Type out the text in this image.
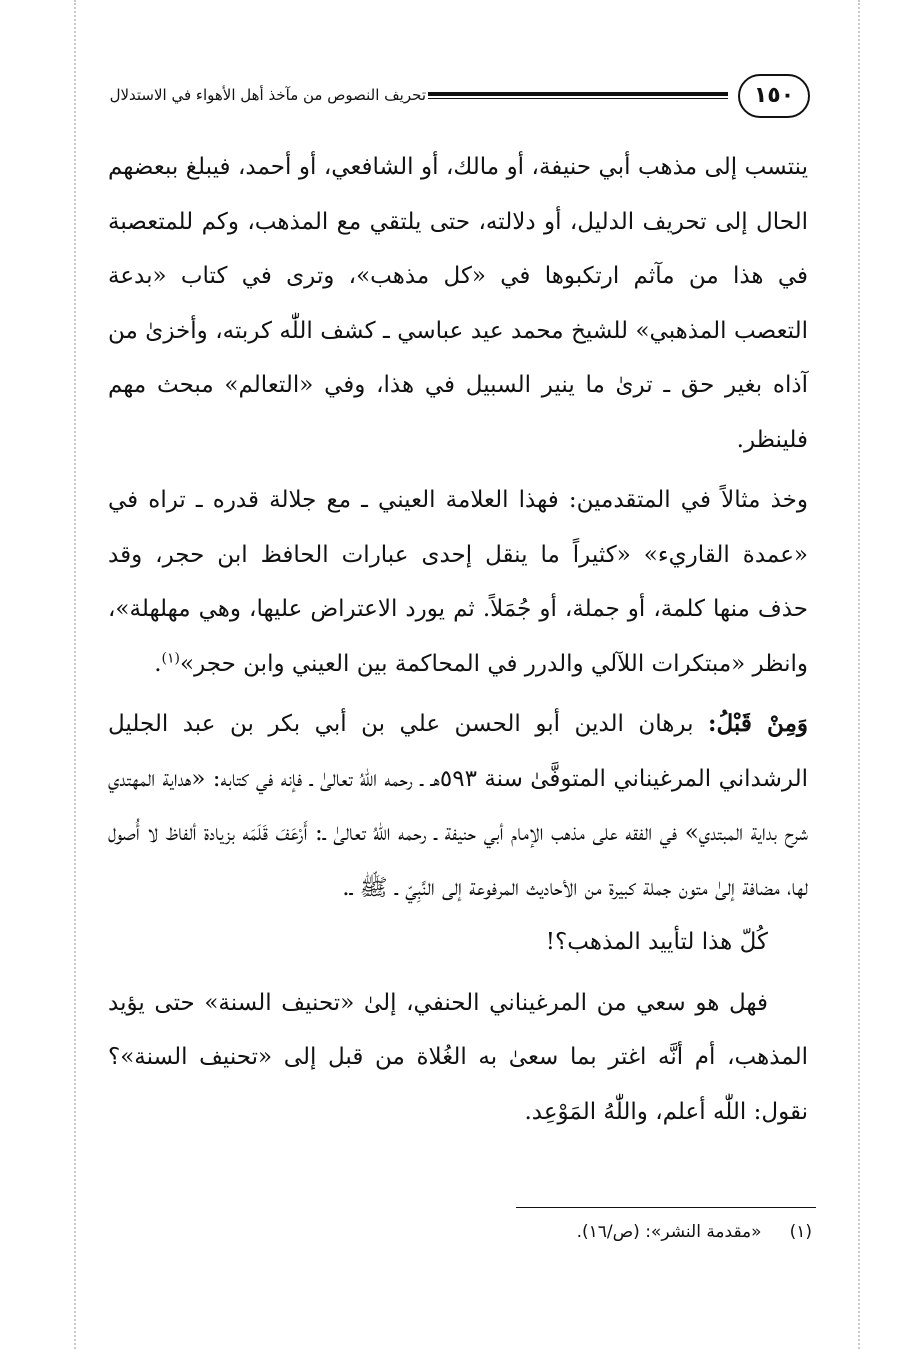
١٥٠
تحريف النصوص من مآخذ أهل الأهواء في الاستدلال

ينتسب إلى مذهب أبي حنيفة، أو مالك، أو الشافعي، أو أحمد، فيبلغ ببعضهم الحال إلى تحريف الدليل، أو دلالته، حتى يلتقي مع المذهب، وكم للمتعصبة في هذا من مآثم ارتكبوها في «كل مذهب»، وترى في كتاب «بدعة التعصب المذهبي» للشيخ محمد عيد عباسي ـ كشف اللّٰه كربته، وأخزىٰ من آذاه بغير حق ـ ترىٰ ما ينير السبيل في هذا، وفي «التعالم» مبحث مهم فلينظر.

وخذ مثالاً في المتقدمين: فهذا العلامة العيني ـ مع جلالة قدره ـ تراه في «عمدة القاريء» «كثيراً ما ينقل إحدى عبارات الحافظ ابن حجر، وقد حذف منها كلمة، أو جملة، أو جُمَلاً. ثم يورد الاعتراض عليها، وهي مهلهلة»، وانظر «مبتكرات اللآلي والدرر في المحاكمة بين العيني وابن حجر»$^{(١)}$.

وَمِنْ قَبْلُ: برهان الدين أبو الحسن علي بن أبي بكر بن عبد الجليل الرشداني المرغيناني المتوفَّىٰ سنة ٥٩٣هـ ـ رحمه اللّٰهُ تعالىٰ ـ فإنه في كتابه: «هداية المهتدي شرح بداية المبتدي» في الفقه على مذهب الإمام أبي حنيفة ـ رحمه اللّٰهُ تعالىٰ ـ: أَرْعَفَ قَلَمَه بزيادة ألفاظ لا أُصول لها، مضافة إلىٰ متون جملة كبيرة من الأحاديث المرفوعة إلى النَّبِيّ ـ ﷺ ـ.

كُلّ هذا لتأييد المذهب؟!

فهل هو سعي من المرغيناني الحنفي، إلىٰ «تحنيف السنة» حتى يؤيد المذهب، أم أنَّه اغتر بما سعىٰ به الغُلاة من قبل إلى «تحنيف السنة»؟ نقول: اللّٰه أعلم، واللّٰهُ المَوْعِد.

(١)«مقدمة النشر»: (ص/١٦).
